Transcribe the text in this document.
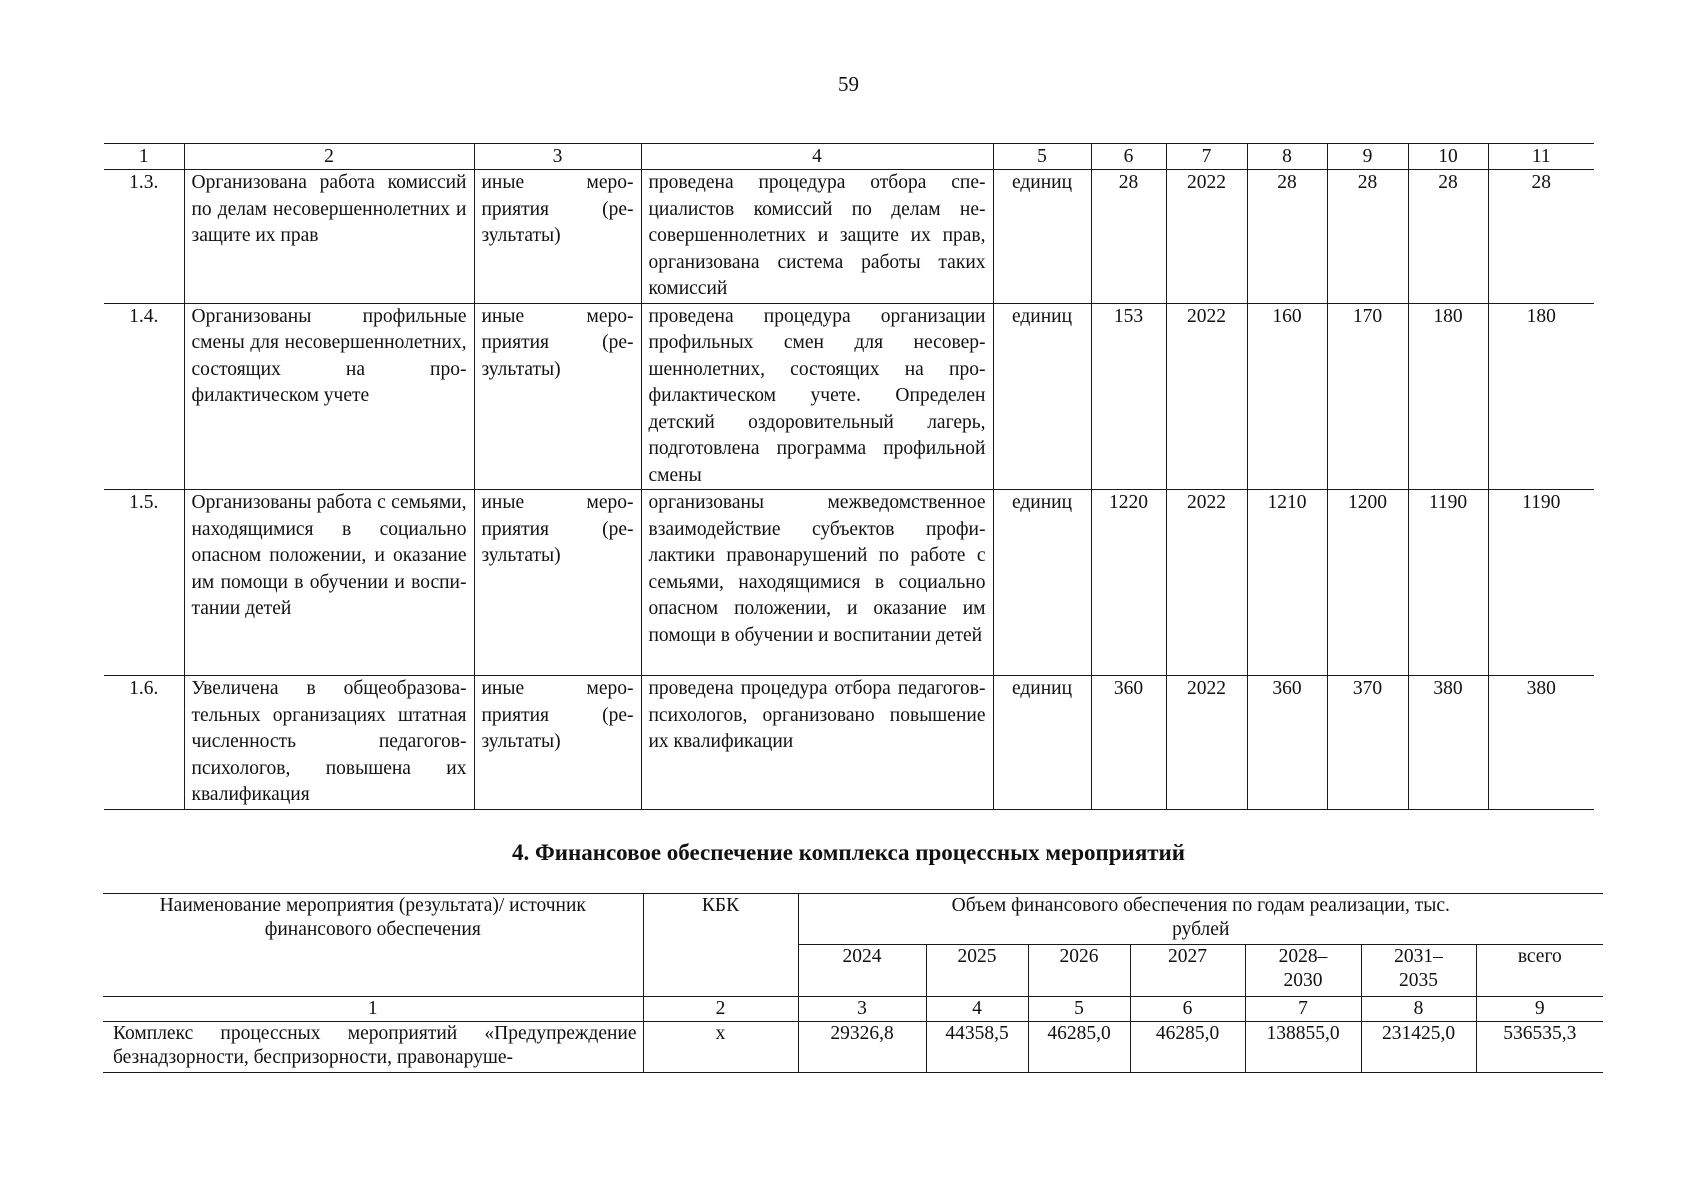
59
1	2	3	4	5	6	7	8	9	10	11
1.3.	Организована работа комиссий по делам несовершеннолетних и защите их прав	иные мероприятия (результаты)	проведена процедура отбора специалистов комиссий по делам несовершеннолетних и защите их прав, организована система работы таких комиссий	единиц	28	2022	28	28	28	28
1.4.	Организованы профильные смены для несовершеннолетних, состоящих на профилактическом учете	иные мероприятия (результаты)	проведена процедура организации профильных смен для несовершеннолетних, состоящих на профилактическом учете. Определен детский оздоровительный лагерь, подготовлена программа профильной смены	единиц	153	2022	160	170	180	180
1.5.	Организованы работа с семьями, находящимися в социально опасном положении, и оказание им помощи в обучении и воспитании детей	иные мероприятия (результаты)	организованы межведомственное взаимодействие субъектов профилактики правонарушений по работе с семьями, находящимися в социально опасном положении, и оказание им помощи в обучении и воспитании детей	единиц	1220	2022	1210	1200	1190	1190
1.6.	Увеличена в общеобразовательных организациях штатная численность педагогов-психологов, повышена их квалификация	иные мероприятия (результаты)	проведена процедура отбора педагогов-психологов, организовано повышение их квалификации	единиц	360	2022	360	370	380	380
4. Финансовое обеспечение комплекса процессных мероприятий
Наименование мероприятия (результата)/ источник финансового обеспечения	КБК	Объем финансового обеспечения по годам реализации, тыс. рублей						
		2024	2025	2026	2027	2028–2030	2031–2035	всего
1	2	3	4	5	6	7	8	9
Комплекс процессных мероприятий «Предупреждение безнадзорности, беспризорности, правонаруше-	х	29326,8	44358,5	46285,0	46285,0	138855,0	231425,0	536535,3
